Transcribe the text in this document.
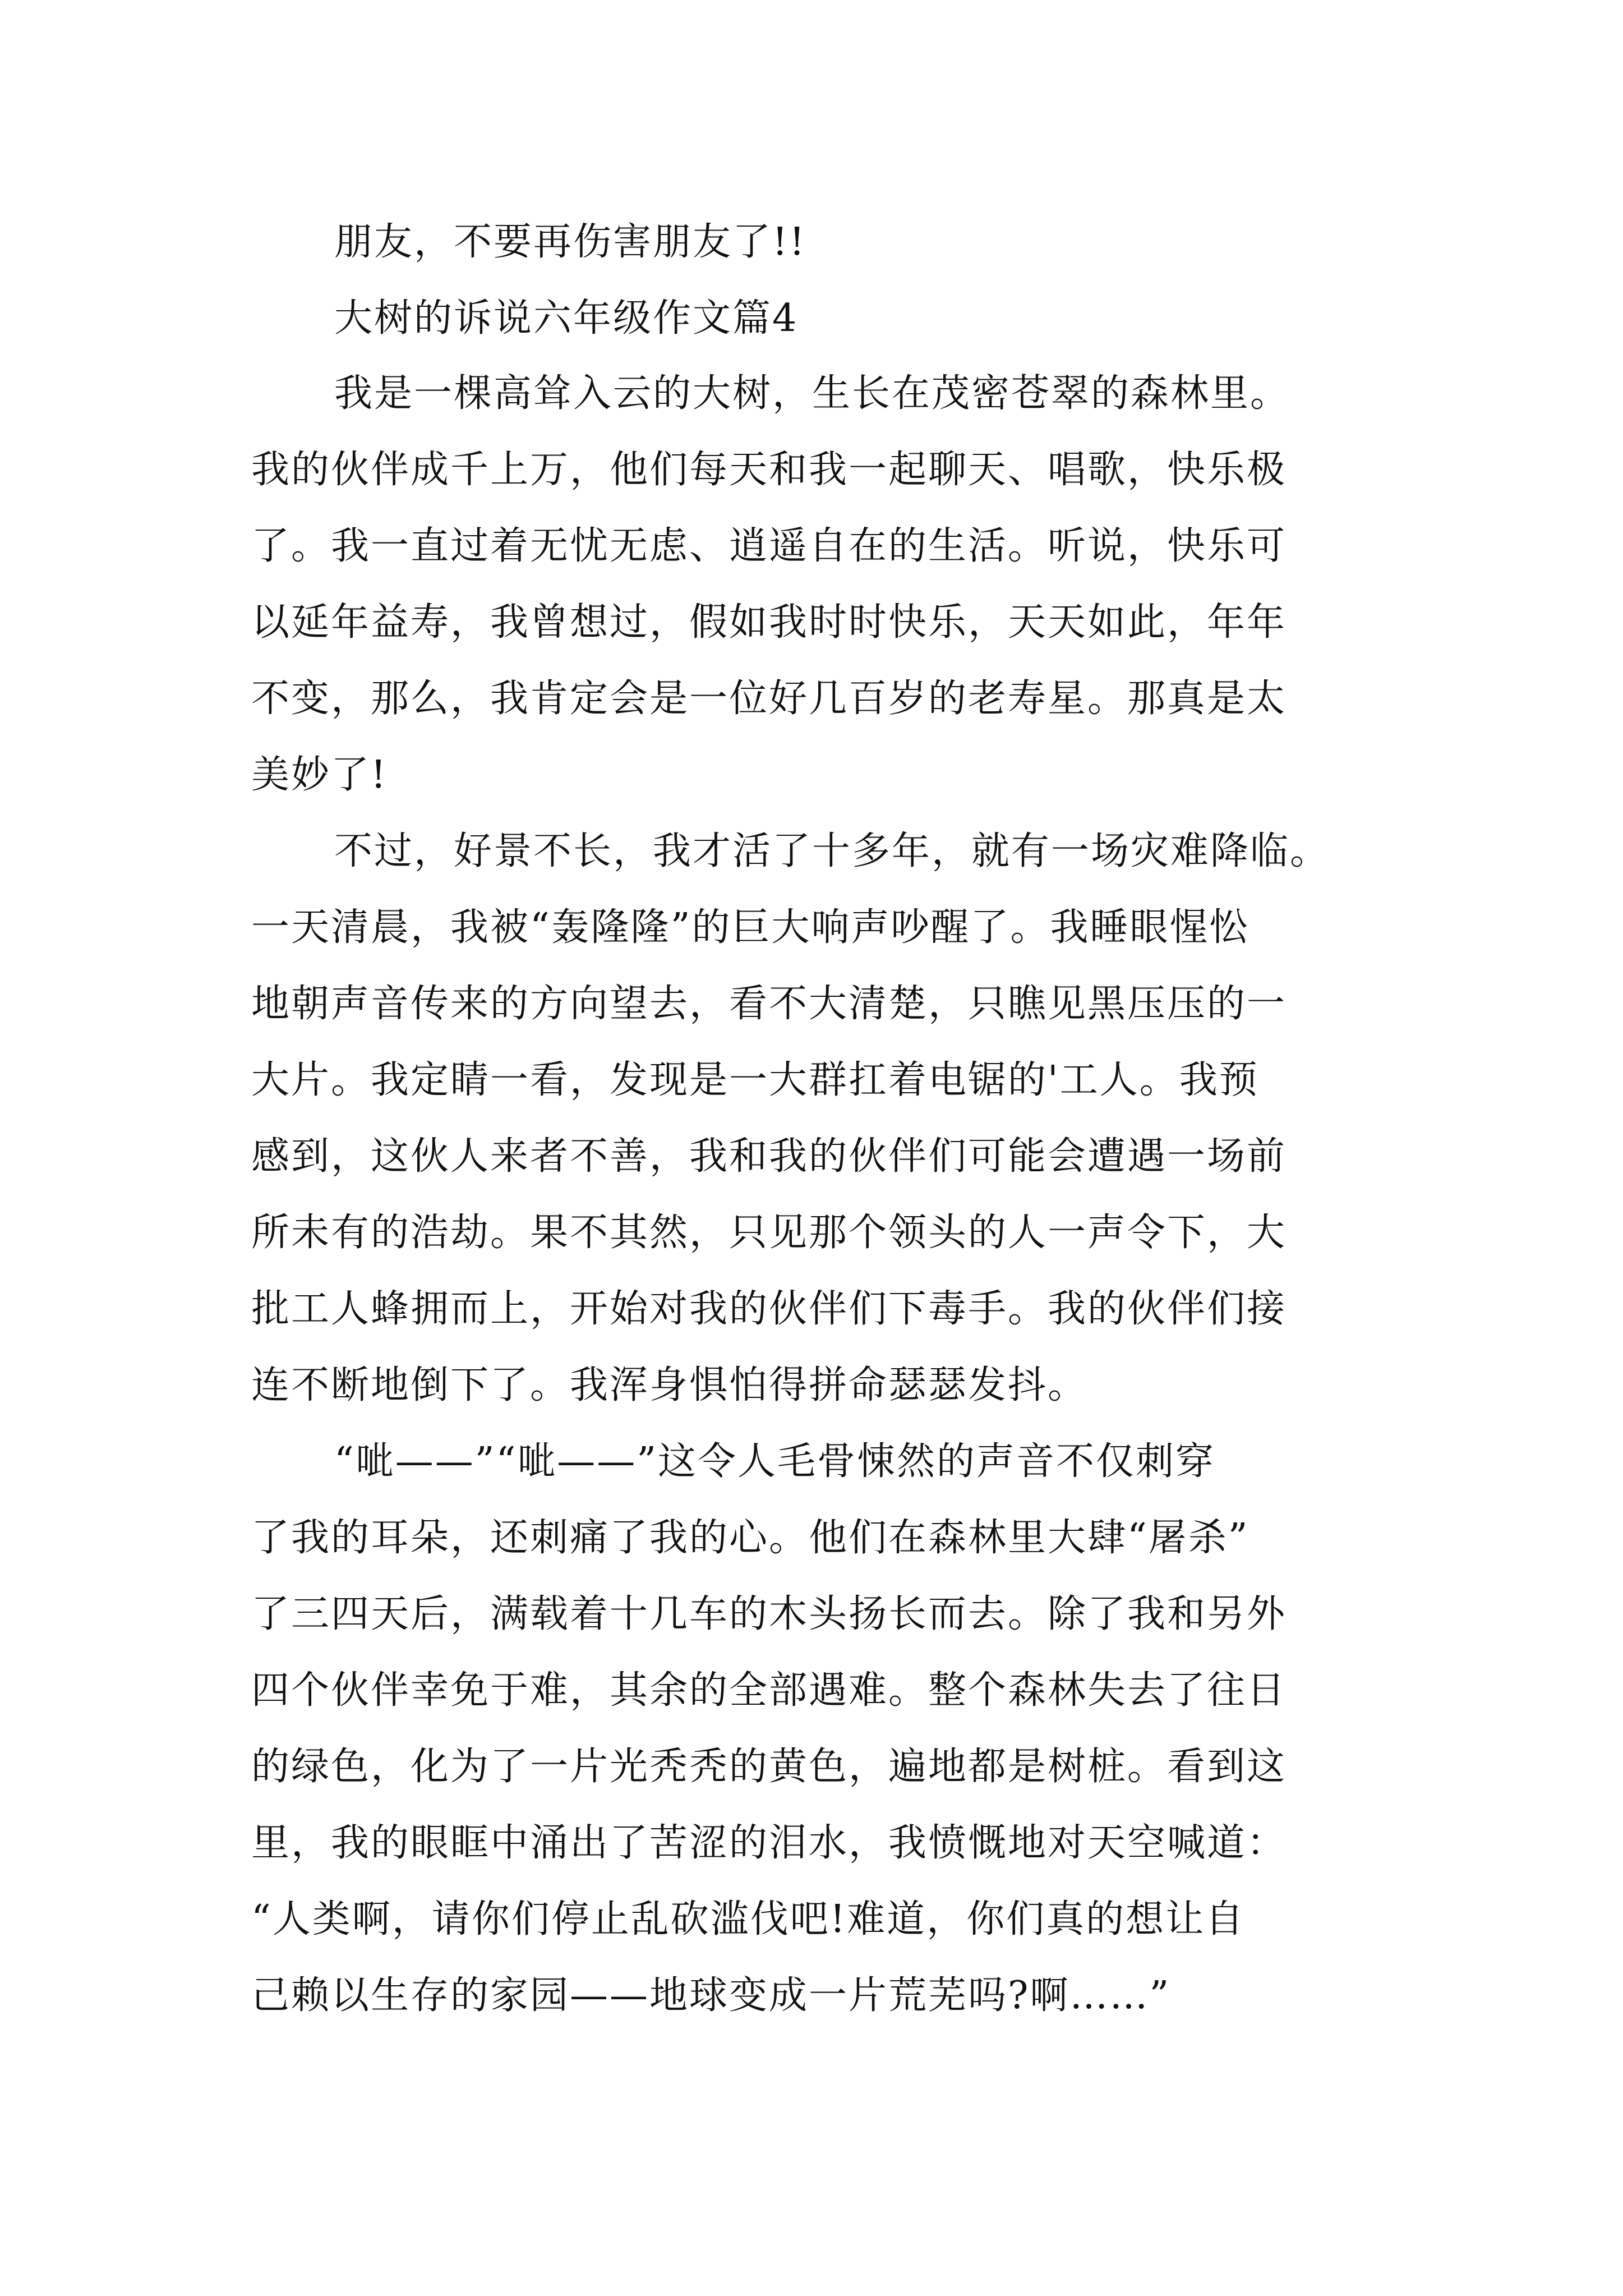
朋友，不要再伤害朋友了!!

大树的诉说六年级作文篇4

我是一棵高耸入云的大树，生长在茂密苍翠的森林里。

我的伙伴成千上万，他们每天和我一起聊天、唱歌，快乐极

了。我一直过着无忧无虑、逍遥自在的生活。听说，快乐可

以延年益寿，我曾想过，假如我时时快乐，天天如此，年年

不变，那么，我肯定会是一位好几百岁的老寿星。那真是太

美妙了!

不过，好景不长，我才活了十多年，就有一场灾难降临。

一天清晨，我被“轰隆隆”的巨大响声吵醒了。我睡眼惺忪

地朝声音传来的方向望去，看不大清楚，只瞧见黑压压的一

大片。我定睛一看，发现是一大群扛着电锯的'工人。我预

感到，这伙人来者不善，我和我的伙伴们可能会遭遇一场前

所未有的浩劫。果不其然，只见那个领头的人一声令下，大

批工人蜂拥而上，开始对我的伙伴们下毒手。我的伙伴们接

连不断地倒下了。我浑身惧怕得拼命瑟瑟发抖。

“呲——”“呲——”这令人毛骨悚然的声音不仅刺穿

了我的耳朵，还刺痛了我的心。他们在森林里大肆“屠杀”

了三四天后，满载着十几车的木头扬长而去。除了我和另外

四个伙伴幸免于难，其余的全部遇难。整个森林失去了往日

的绿色，化为了一片光秃秃的黄色，遍地都是树桩。看到这

里，我的眼眶中涌出了苦涩的泪水，我愤慨地对天空喊道：

“人类啊，请你们停止乱砍滥伐吧!难道，你们真的想让自

己赖以生存的家园——地球变成一片荒芜吗?啊……”
